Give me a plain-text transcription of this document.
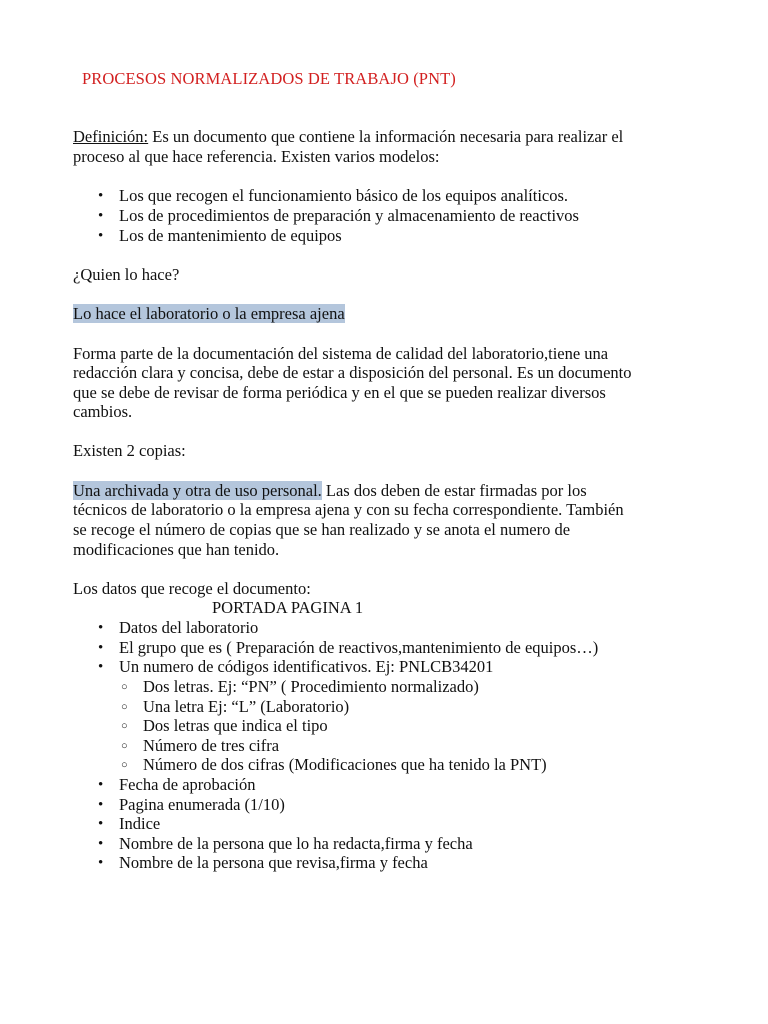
PROCESOS NORMALIZADOS DE TRABAJO (PNT)
Definición: Es un documento que contiene la información necesaria para realizar el
proceso al que hace referencia. Existen varios modelos:
• Los que recogen el funcionamiento básico de los equipos analíticos.
• Los de procedimientos de preparación y almacenamiento de reactivos
• Los de mantenimiento de equipos
¿Quien lo hace?
Lo hace el laboratorio o la empresa ajena
Forma parte de la documentación del sistema de calidad del laboratorio,tiene una
redacción clara y concisa, debe de estar a disposición del personal. Es un documento
que se debe de revisar de forma periódica y en el que se pueden realizar diversos
cambios.
Existen 2 copias:
Una archivada y otra de uso personal. Las dos deben de estar firmadas por los
técnicos de laboratorio o la empresa ajena y con su fecha correspondiente. También
se recoge el número de copias que se han realizado y se anota el numero de
modificaciones que han tenido.
Los datos que recoge el documento:
PORTADA PAGINA 1
• Datos del laboratorio
• El grupo que es ( Preparación de reactivos,mantenimiento de equipos…)
• Un numero de códigos identificativos. Ej: PNLCB34201
○ Dos letras. Ej: “PN” ( Procedimiento normalizado)
○ Una letra Ej: “L” (Laboratorio)
○ Dos letras que indica el tipo
○ Número de tres cifra
○ Número de dos cifras (Modificaciones que ha tenido la PNT)
• Fecha de aprobación
• Pagina enumerada (1/10)
• Indice
• Nombre de la persona que lo ha redacta,firma y fecha
• Nombre de la persona que revisa,firma y fecha
